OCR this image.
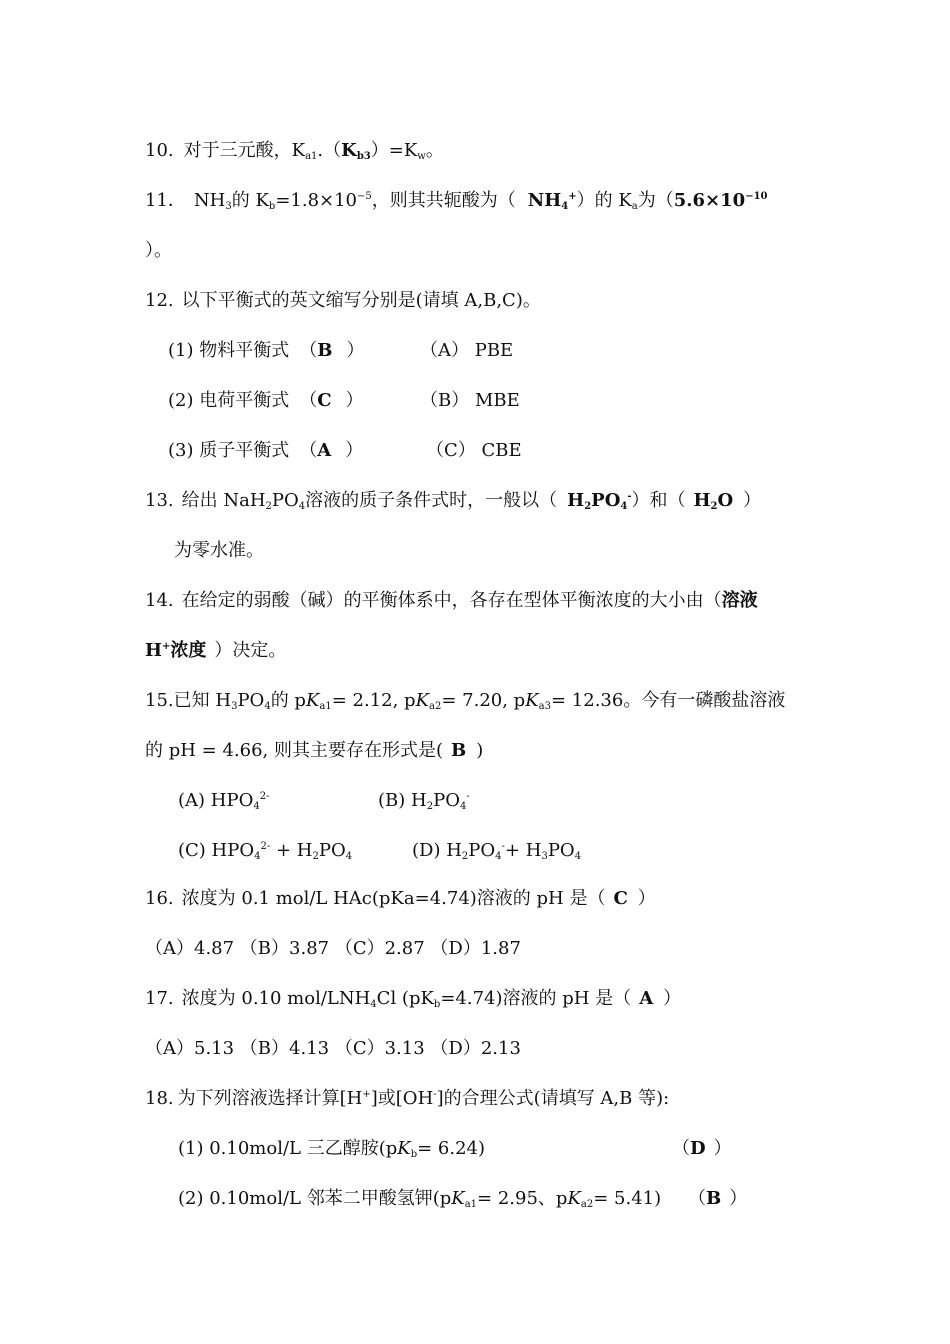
10. 对于三元酸，$K_{a1}.(K_{b3})=K_w$。
11． $NH_3$的 $K_b=1.8\times 10^{-5}$，则其共轭酸为（ $NH_4^+$）的 $K_a$为（$5.6\times 10^{-10}$
）。
12. 以下平衡式的英文缩写分别是(请填 A,B,C)。
(1) 物料平衡式 （B ）	（A） PBE
(2) 电荷平衡式 （C ）	（B） MBE
(3) 质子平衡式 （A ）	（C） CBE
13. 给出 $NaH_2PO_4$溶液的质子条件式时，一般以（ $H_2PO_4^-$）和（ $H_2O$ ）
为零水准。
14. 在给定的弱酸（碱）的平衡体系中，各存在型体平衡浓度的大小由（溶液
H+浓度 ）决定。
15.已知 $H_3PO_4$的 $pK_{a1}= 2.12$, $pK_{a2}= 7.20$, $pK_{a3}= 12.36$。今有一磷酸盐溶液
的 pH = 4.66, 则其主要存在形式是( B )
(A) $HPO_4^{2-}$	(B) $H_2PO_4^-$
(C) $HPO_4^{2-} + H_2PO_4$	(D) $H_2PO_4^-+ H_3PO_4$
16. 浓度为 0.1 mol/L HAc(pKa=4.74)溶液的 pH 是（ C ）
（A）4.87 （B）3.87 （C）2.87 （D）1.87
17. 浓度为 0.10 mol/$LNH_4Cl$ $(pK_b=4.74)$溶液的 pH 是（ A ）
（A）5.13 （B）4.13 （C）3.13 （D）2.13
18. 为下列溶液选择计算[H+]或[OH-]的合理公式(请填写 A,B 等):
(1) 0.10mol/L 三乙醇胺$(pK_b= 6.24)$	（D ）
(2) 0.10mol/L 邻苯二甲酸氢钾($pK_{a1}= 2.95$、$pK_{a2}= 5.41$) （B ）
